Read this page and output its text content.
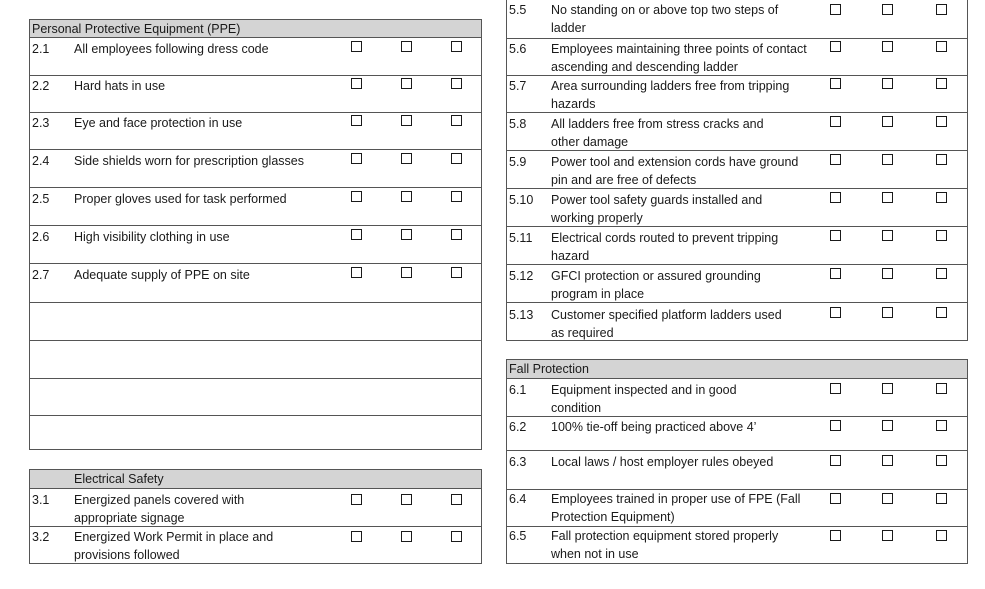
Personal Protective Equipment (PPE)
2.1 All employees following dress code
2.2 Hard hats in use
2.3 Eye and face protection in use
2.4 Side shields worn for prescription glasses
2.5 Proper gloves used for task performed
2.6 High visibility clothing in use
2.7 Adequate supply of PPE on site
Electrical Safety
3.1 Energized panels covered with appropriate signage
3.2 Energized Work Permit in place and provisions followed
5.5 No standing on or above top two steps of ladder
5.6 Employees maintaining three points of contact ascending and descending ladder
5.7 Area surrounding ladders free from tripping hazards
5.8 All ladders free from stress cracks and other damage
5.9 Power tool and extension cords have ground pin and are free of defects
5.10 Power tool safety guards installed and working properly
5.11 Electrical cords routed to prevent tripping hazard
5.12 GFCI protection or assured grounding program in place
5.13 Customer specified platform ladders used as required
Fall Protection
6.1 Equipment inspected and in good condition
6.2 100% tie-off being practiced above 4’
6.3 Local laws / host employer rules obeyed
6.4 Employees trained in proper use of FPE (Fall Protection Equipment)
6.5 Fall protection equipment stored properly when not in use
